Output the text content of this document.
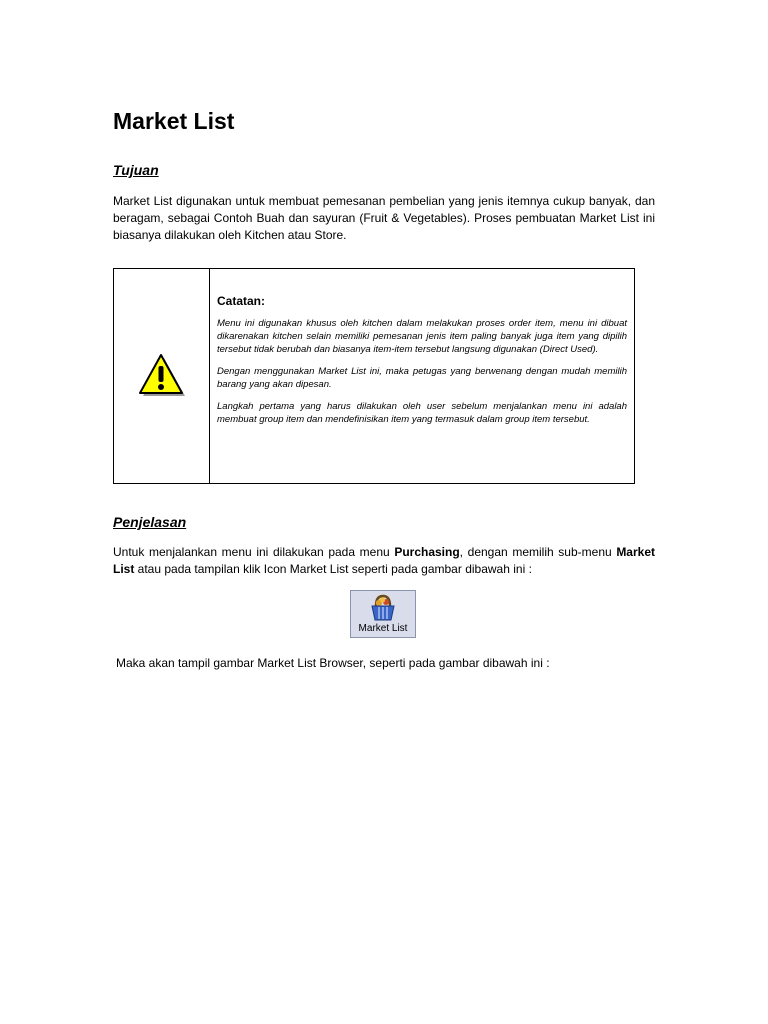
Market List
Tujuan

Market List digunakan untuk membuat pemesanan pembelian yang jenis itemnya cukup banyak, dan beragam, sebagai Contoh Buah dan sayuran (Fruit & Vegetables). Proses pembuatan Market List ini biasanya dilakukan oleh Kitchen atau Store.

Catatan:

Menu ini digunakan khusus oleh kitchen dalam melakukan proses order item, menu ini dibuat dikarenakan kitchen selain memiliki pemesanan jenis item paling banyak juga item yang dipilih tersebut tidak berubah dan biasanya item-item tersebut langsung digunakan (Direct Used).

Dengan menggunakan Market List ini, maka petugas yang berwenang dengan mudah memilih barang yang akan dipesan.

Langkah pertama yang harus dilakukan oleh user sebelum menjalankan menu ini adalah membuat group item dan mendefinisikan item yang termasuk dalam group item tersebut.

Penjelasan

Untuk menjalankan menu ini dilakukan pada menu Purchasing, dengan memilih sub-menu Market List atau pada tampilan klik Icon Market List seperti pada gambar dibawah ini :

Market List

Maka akan tampil gambar Market List Browser, seperti pada gambar dibawah ini :
